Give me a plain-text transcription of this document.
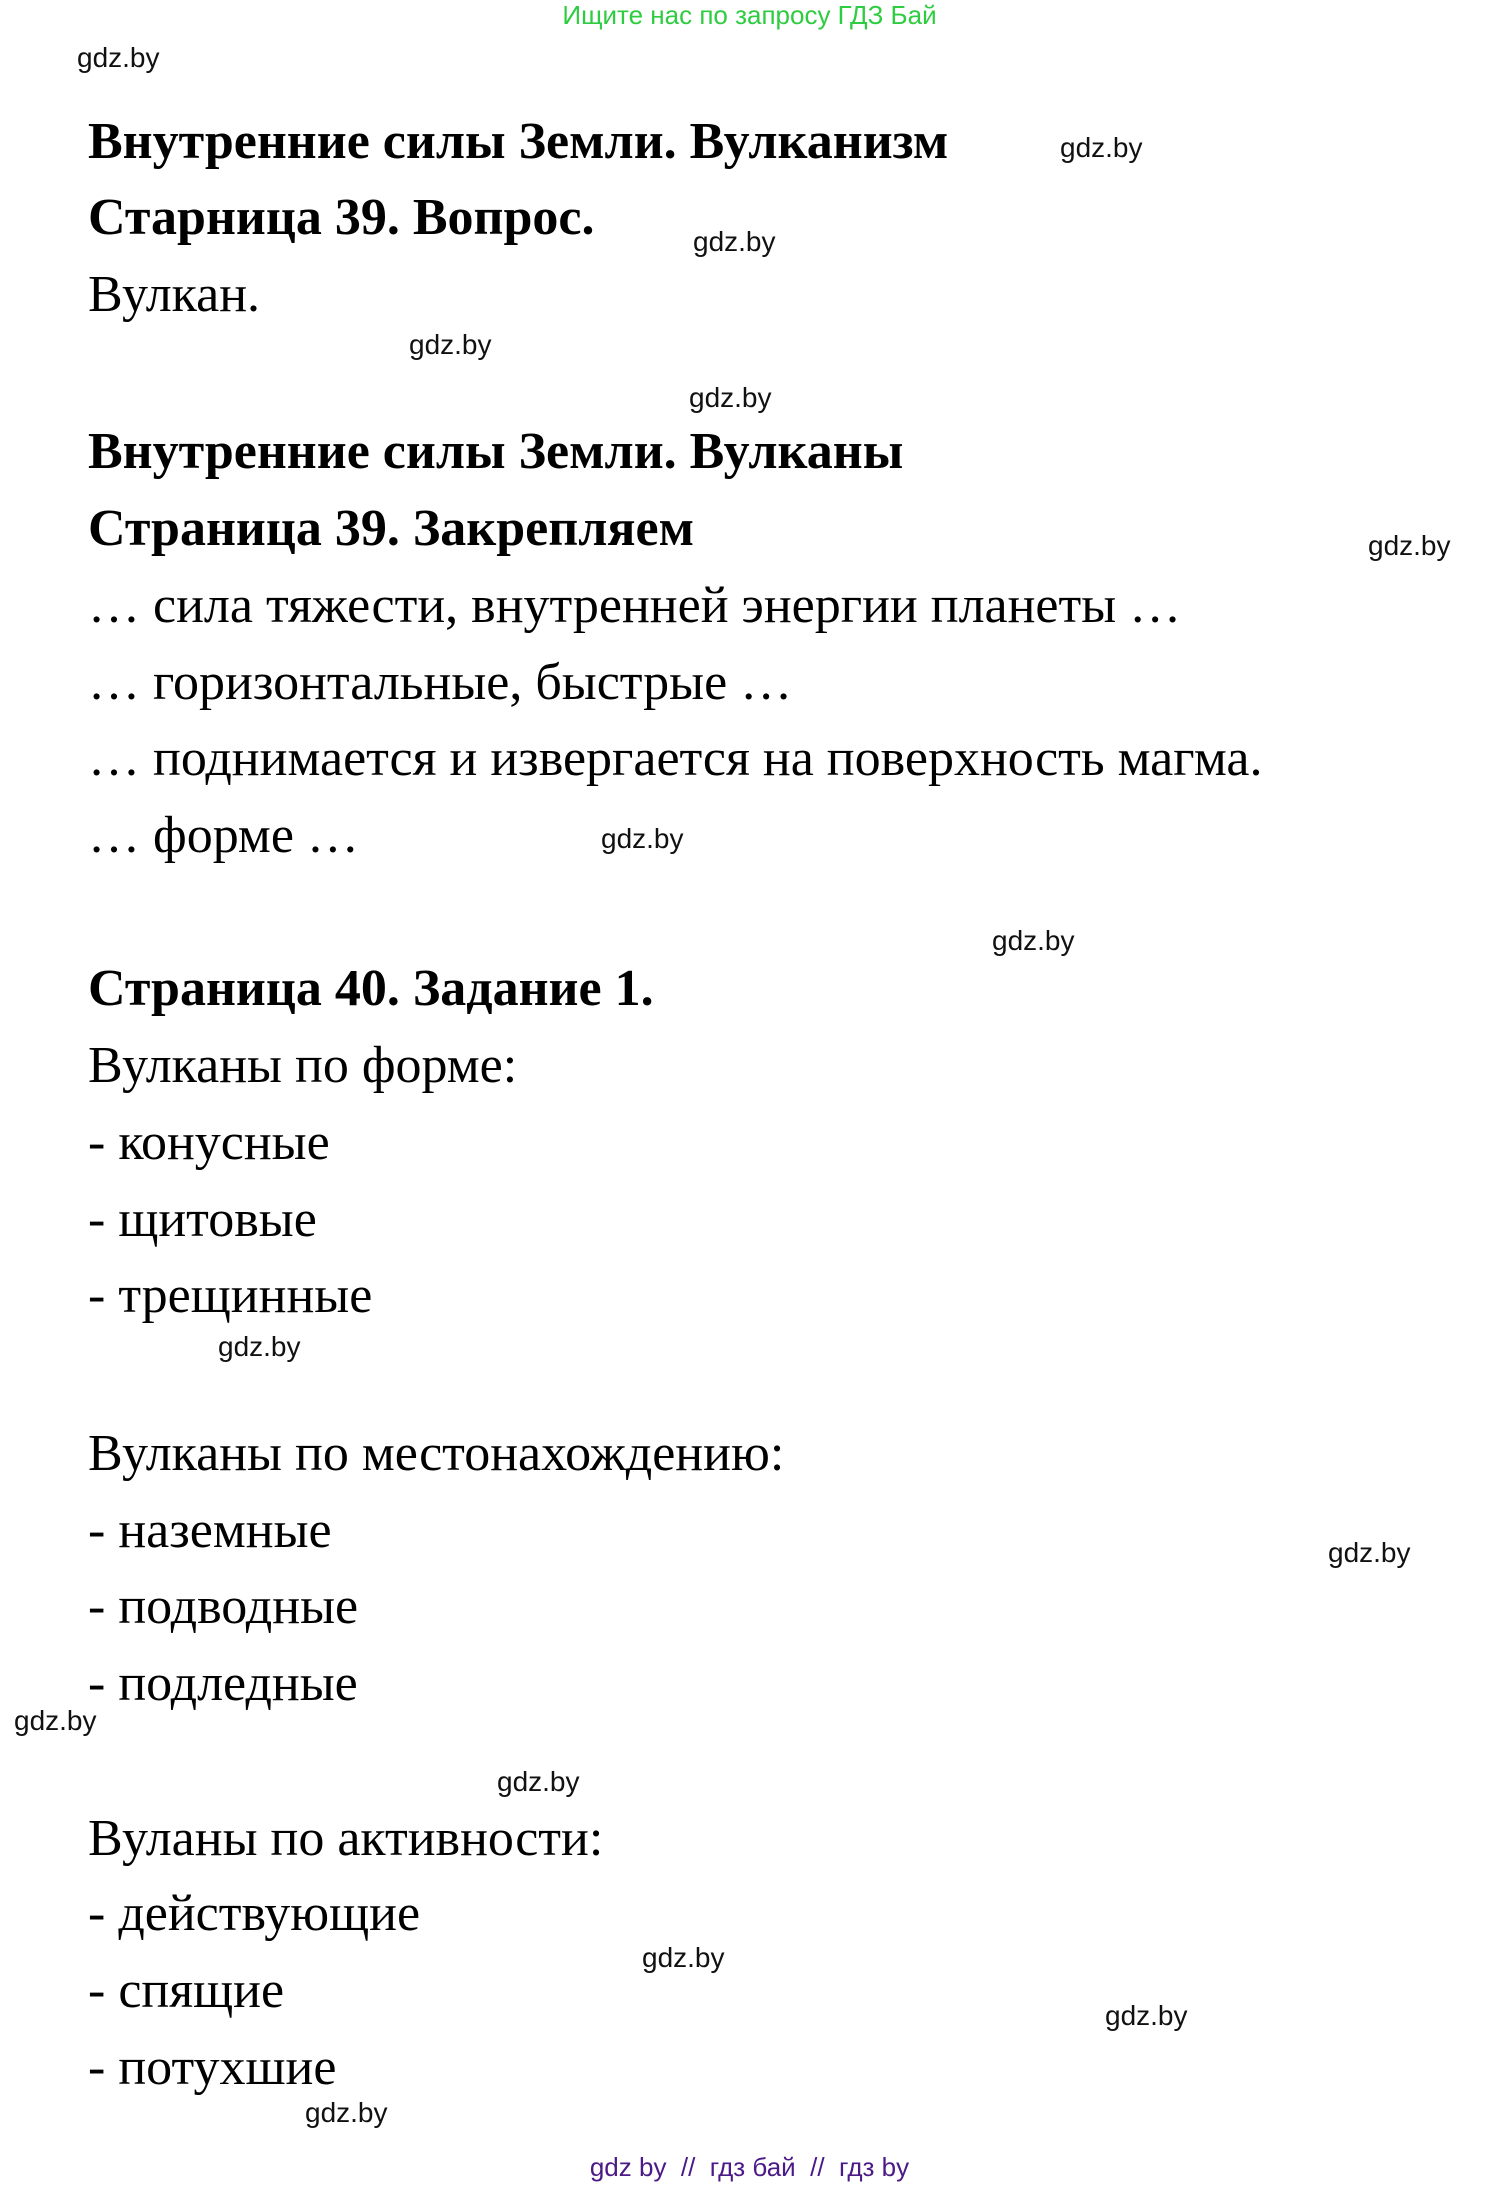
Ищите нас по запросу ГДЗ Бай
Внутренние силы Земли. Вулканизм
Старница 39. Вопрос.
Вулкан.
Внутренние силы Земли. Вулканы
Страница 39. Закрепляем
… сила тяжести, внутренней энергии планеты …
… горизонтальные, быстрые …
… поднимается и извергается на поверхность магма.
… форме …
Страница 40. Задание 1.
Вулканы по форме:
- конусные
- щитовые
- трещинные
Вулканы по местонахождению:
- наземные
- подводные
- подледные
Вуланы по активности:
- действующие
- спящие
- потухшие
gdz.by
gdz.by
gdz.by
gdz.by
gdz.by
gdz.by
gdz.by
gdz.by
gdz.by
gdz.by
gdz.by
gdz.by
gdz.by
gdz.by
gdz.by
gdz by  //  гдз бай  //  гдз by
